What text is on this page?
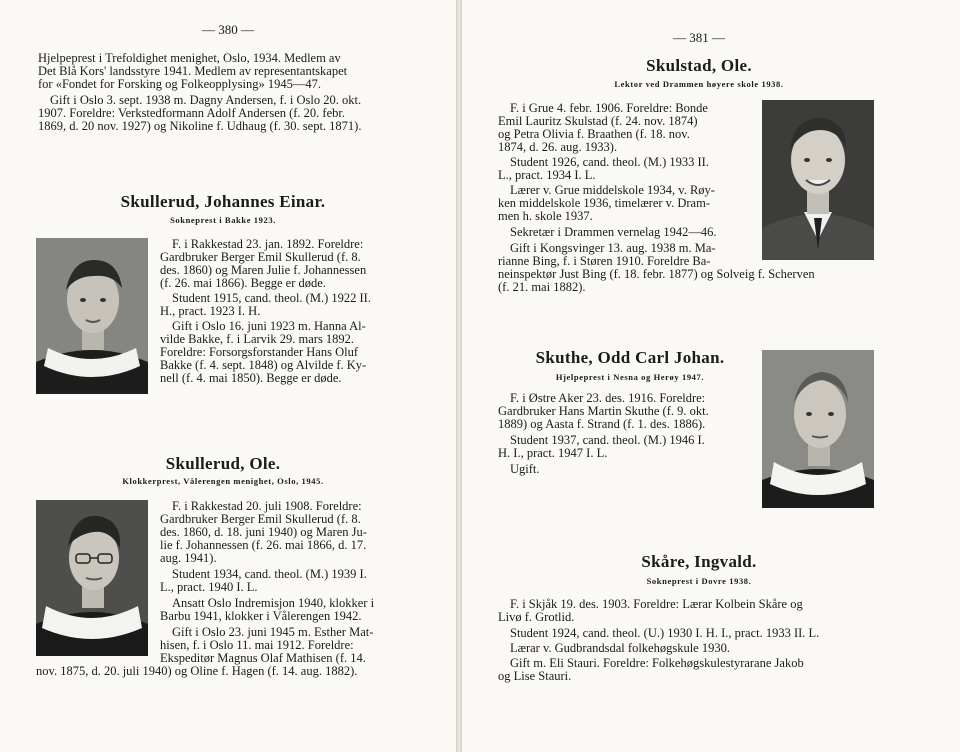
— 380 —
Hjelpeprest i Trefoldighet menighet, Oslo, 1934. Medlem av
Det Blå Kors' landsstyre 1941. Medlem av representantskapet
for «Fondet for Forsking og Folkeopplysing» 1945—47.
Gift i Oslo 3. sept. 1938 m. Dagny Andersen, f. i Oslo 20. okt.
1907. Foreldre: Verkstedformann Adolf Andersen (f. 20. febr.
1869, d. 20 nov. 1927) og Nikoline f. Udhaug (f. 30. sept. 1871).
Skullerud, Johannes Einar.
Sokneprest i Bakke 1923.
F. i Rakkestad 23. jan. 1892. Foreldre:
Gardbruker Berger Emil Skullerud (f. 8.
des. 1860) og Maren Julie f. Johannessen
(f. 26. mai 1866). Begge er døde.
Student 1915, cand. theol. (M.) 1922 II.
H., pract. 1923 I. H.
Gift i Oslo 16. juni 1923 m. Hanna Al-
vilde Bakke, f. i Larvik 29. mars 1892.
Foreldre: Forsorgsforstander Hans Oluf
Bakke (f. 4. sept. 1848) og Alvilde f. Ky-
nell (f. 4. mai 1850). Begge er døde.
Skullerud, Ole.
Klokkerprest, Vålerengen menighet, Oslo, 1945.
F. i Rakkestad 20. juli 1908. Foreldre:
Gardbruker Berger Emil Skullerud (f. 8.
des. 1860, d. 18. juni 1940) og Maren Ju-
lie f. Johannessen (f. 26. mai 1866, d. 17.
aug. 1941).
Student 1934, cand. theol. (M.) 1939 I.
L., pract. 1940 I. L.
Ansatt Oslo Indremisjon 1940, klokker i
Barbu 1941, klokker i Vålerengen 1942.
Gift i Oslo 23. juni 1945 m. Esther Mat-
hisen, f. i Oslo 11. mai 1912. Foreldre:
Ekspeditør Magnus Olaf Mathisen (f. 14.
nov. 1875, d. 20. juli 1940) og Oline f. Hagen (f. 14. aug. 1882).
— 381 —
Skulstad, Ole.
Lektor ved Drammen høyere skole 1938.
F. i Grue 4. febr. 1906. Foreldre: Bonde
Emil Lauritz Skulstad (f. 24. nov. 1874)
og Petra Olivia f. Braathen (f. 18. nov.
1874, d. 26. aug. 1933).
Student 1926, cand. theol. (M.) 1933 II.
L., pract. 1934 I. L.
Lærer v. Grue middelskole 1934, v. Røy-
ken middelskole 1936, timelærer v. Dram-
men h. skole 1937.
Sekretær i Drammen vernelag 1942—46.
Gift i Kongsvinger 13. aug. 1938 m. Ma-
rianne Bing, f. i Støren 1910. Foreldre Ba-
neinspektør Just Bing (f. 18. febr. 1877) og Solveig f. Scherven
(f. 21. mai 1882).
Skuthe, Odd Carl Johan.
Hjelpeprest i Nesna og Herøy 1947.
F. i Østre Aker 23. des. 1916. Foreldre:
Gardbruker Hans Martin Skuthe (f. 9. okt.
1889) og Aasta f. Strand (f. 1. des. 1886).
Student 1937, cand. theol. (M.) 1946 I.
H. I., pract. 1947 I. L.
Ugift.
Skåre, Ingvald.
Sokneprest i Dovre 1938.
F. i Skjåk 19. des. 1903. Foreldre: Lærar Kolbein Skåre og
Livø f. Grotlid.
Student 1924, cand. theol. (U.) 1930 I. H. I., pract. 1933 II. L.
Lærar v. Gudbrandsdal folkehøgskule 1930.
Gift m. Eli Stauri. Foreldre: Folkehøgskulestyrarane Jakob
og Lise Stauri.
